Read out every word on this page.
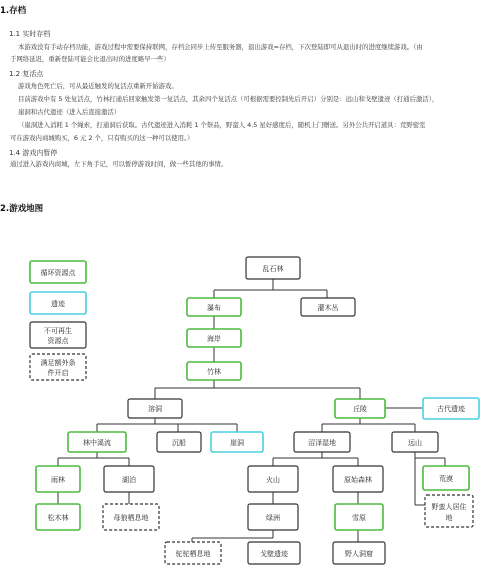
1.存档
1.1 实时存档
本游戏没有手动存档功能，游戏过程中需要保持联网，存档会同步上传至服务器，退出游戏=存档，下次登陆即可从退出时的进度继续游戏。（由
于网络延迟，重新登陆可能会比退出时的进度略早一些）
1.2 复活点
游戏角色死亡后，可从最近触发的复活点重新开始游戏。
目前游戏中有 5 处复活点，竹林打通后回家触发第一复活点，其余四个复活点（可根据需要控制先后开启）分别是：远山和戈壁遗迹（打通后激活），
崖洞和古代遗迹（进入后直接激活）
（崖洞进入消耗 1 个绳索，打通洞后获取。古代遗迹进入消耗 1 个祭品，野蛮人 4.5 星好感度后，随机上门赠送。另外公共开启道具：荒野密室
可在游戏内商城购买，6 元 2 个，只有购买的这一种可以使用。）
1.4 游戏内暂停
通过进入游戏内商城，左下角手记，可以暂停游戏时间，做一些其他的事情。
2.游戏地图
循环资源点
遗迹
不可再生
资源点
满足额外条
件开启
乱石林
瀑布	灌木丛
海岸
竹林
溶洞	丘陵	古代遗迹
林中溪流	沉船	崖洞	沼泽湿地	远山
雨林	湖泊	火山	原始森林	荒漠
松木林	母狼栖息地	绿洲	雪原
野蛮人居住
地
驼驼栖息地	戈壁遗迹	野人洞窟
